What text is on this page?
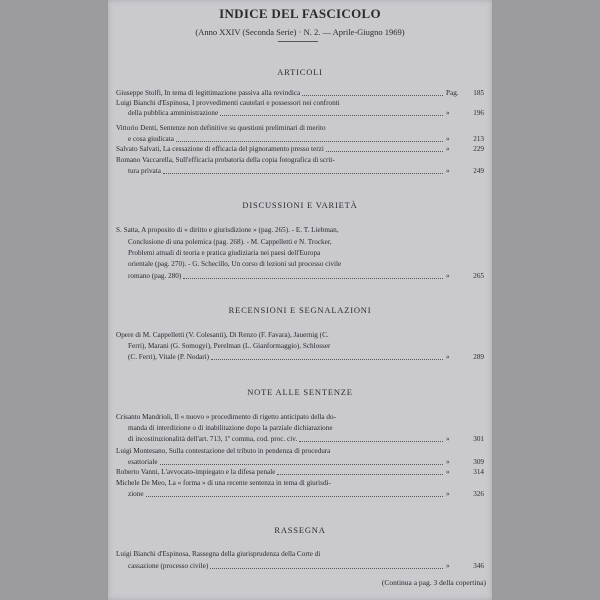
INDICE DEL FASCICOLO
(Anno XXIV (Seconda Serie) · N. 2. — Aprile-Giugno 1969)
ARTICOLI
Giuseppe Stolfi, In tema di legittimazione passiva alla revindica	Pag.	185
Luigi Bianchi d'Espinosa, I provvedimenti cautelari e possessori nei confronti
della pubblica amministrazione	»	196
Vittorio Denti, Sentenze non definitive su questioni preliminari di merito
e cosa giudicata	»	213
Salvato Salvati, La cessazione di efficacia del pignoramento presso terzi	»	229
Romano Vaccarella, Sull'efficacia probatoria della copia fotografica di scrit-
tura privata	»	249
DISCUSSIONI E VARIETÀ
S. Satta, A proposito di « diritto e giurisdizione » (pag. 265). - E. T. Liebman,
Conclusione di una polemica (pag. 268). - M. Cappelletti e N. Trocker,
Problemi attuali di teoria e pratica giudiziaria nei paesi dell'Europa
orientale (pag. 270). - G. Schecillo, Un corso di lezioni sul processo civile
romano (pag. 280)	»	265
RECENSIONI E SEGNALAZIONI
Opere di M. Cappelletti (V. Colesanti), Di Renzo (F. Favara), Jauernig (C.
Ferri), Marani (G. Somogyi), Perelman (L. Gianformaggio), Schlosser
(C. Ferri), Vitale (P. Nodari)	»	289
NOTE ALLE SENTENZE
Crisanto Mandrioli, Il « nuovo » procedimento di rigetto anticipato della do-
manda di interdizione o di inabilitazione dopo la parziale dichiarazione
di incostituzionalità dell'art. 713, 1º comma, cod. proc. civ.	»	301
Luigi Montesano, Sulla contestazione del tributo in pendenza di procedura
esattoriale	»	309
Roberto Vanni, L'avvocato-impiegato e la difesa penale	»	314
Michele De Meo, La « forma » di una recente sentenza in tema di giurisdi-
zione	»	326
RASSEGNA
Luigi Bianchi d'Espinosa, Rassegna della giurisprudenza della Corte di
cassazione (processo civile)	»	346
(Continua a pag. 3 della copertina)
